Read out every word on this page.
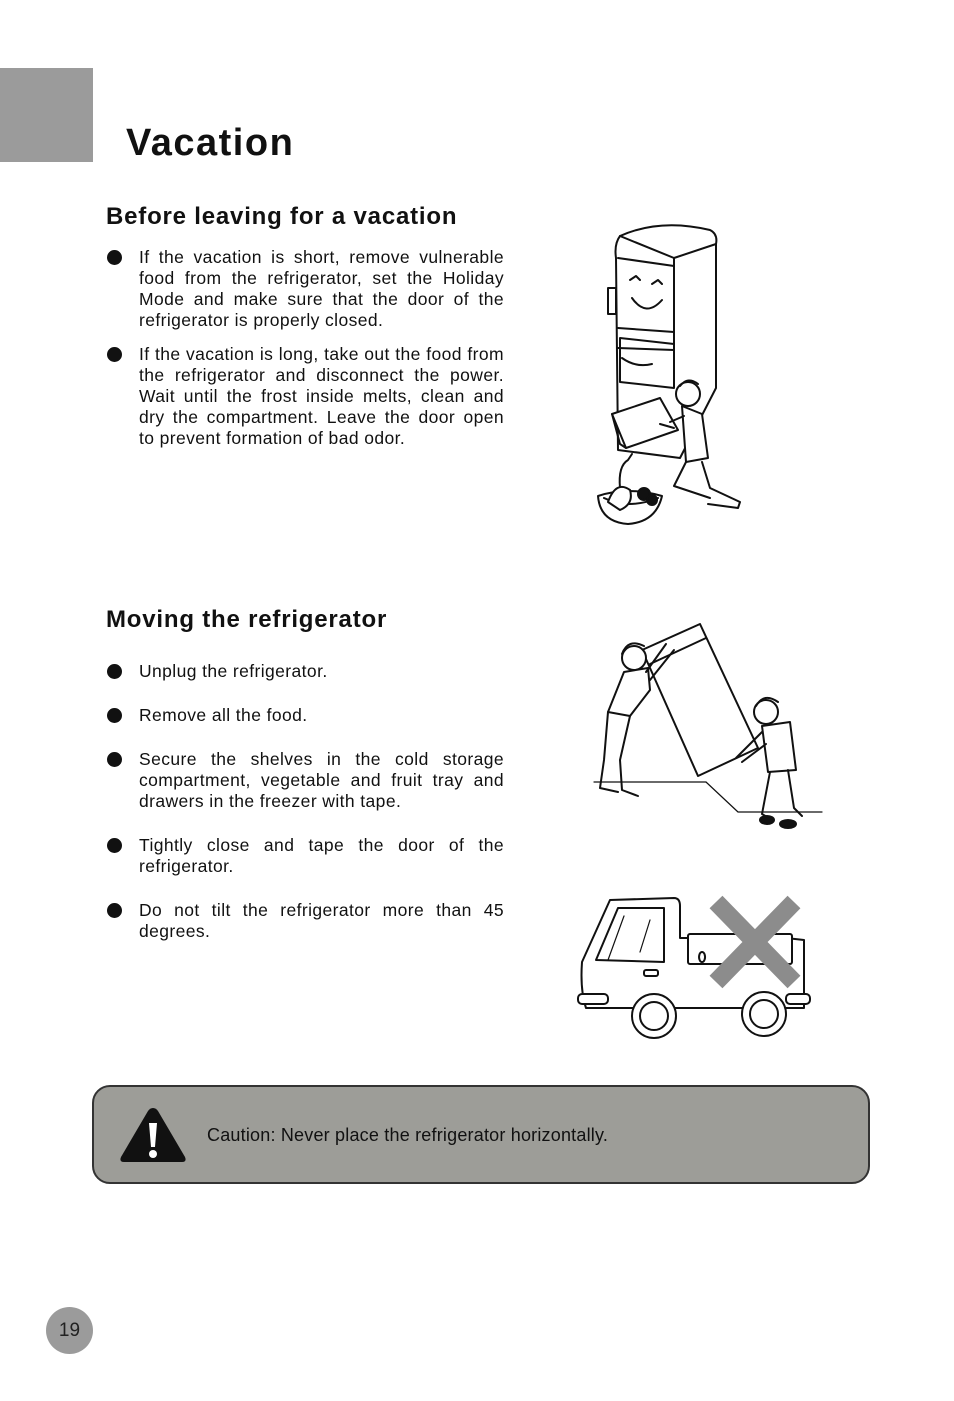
Vacation
Before leaving for a vacation
If the vacation is short, remove vulnerable food from the refrigerator, set the Holiday Mode and make sure that the door of the refrigerator is properly closed.
If the vacation is long, take out the food from the refrigerator and disconnect the power. Wait until the frost inside melts, clean and dry the compartment. Leave the door open to prevent formation of bad odor.
Moving the refrigerator
Unplug the refrigerator.
Remove all the food.
Secure the shelves in the cold storage compartment, vegetable and fruit tray and drawers in the freezer with tape.
Tightly close and tape the door of the refrigerator.
Do not tilt the refrigerator more than 45 degrees.
Caution: Never place the refrigerator horizontally.
19
